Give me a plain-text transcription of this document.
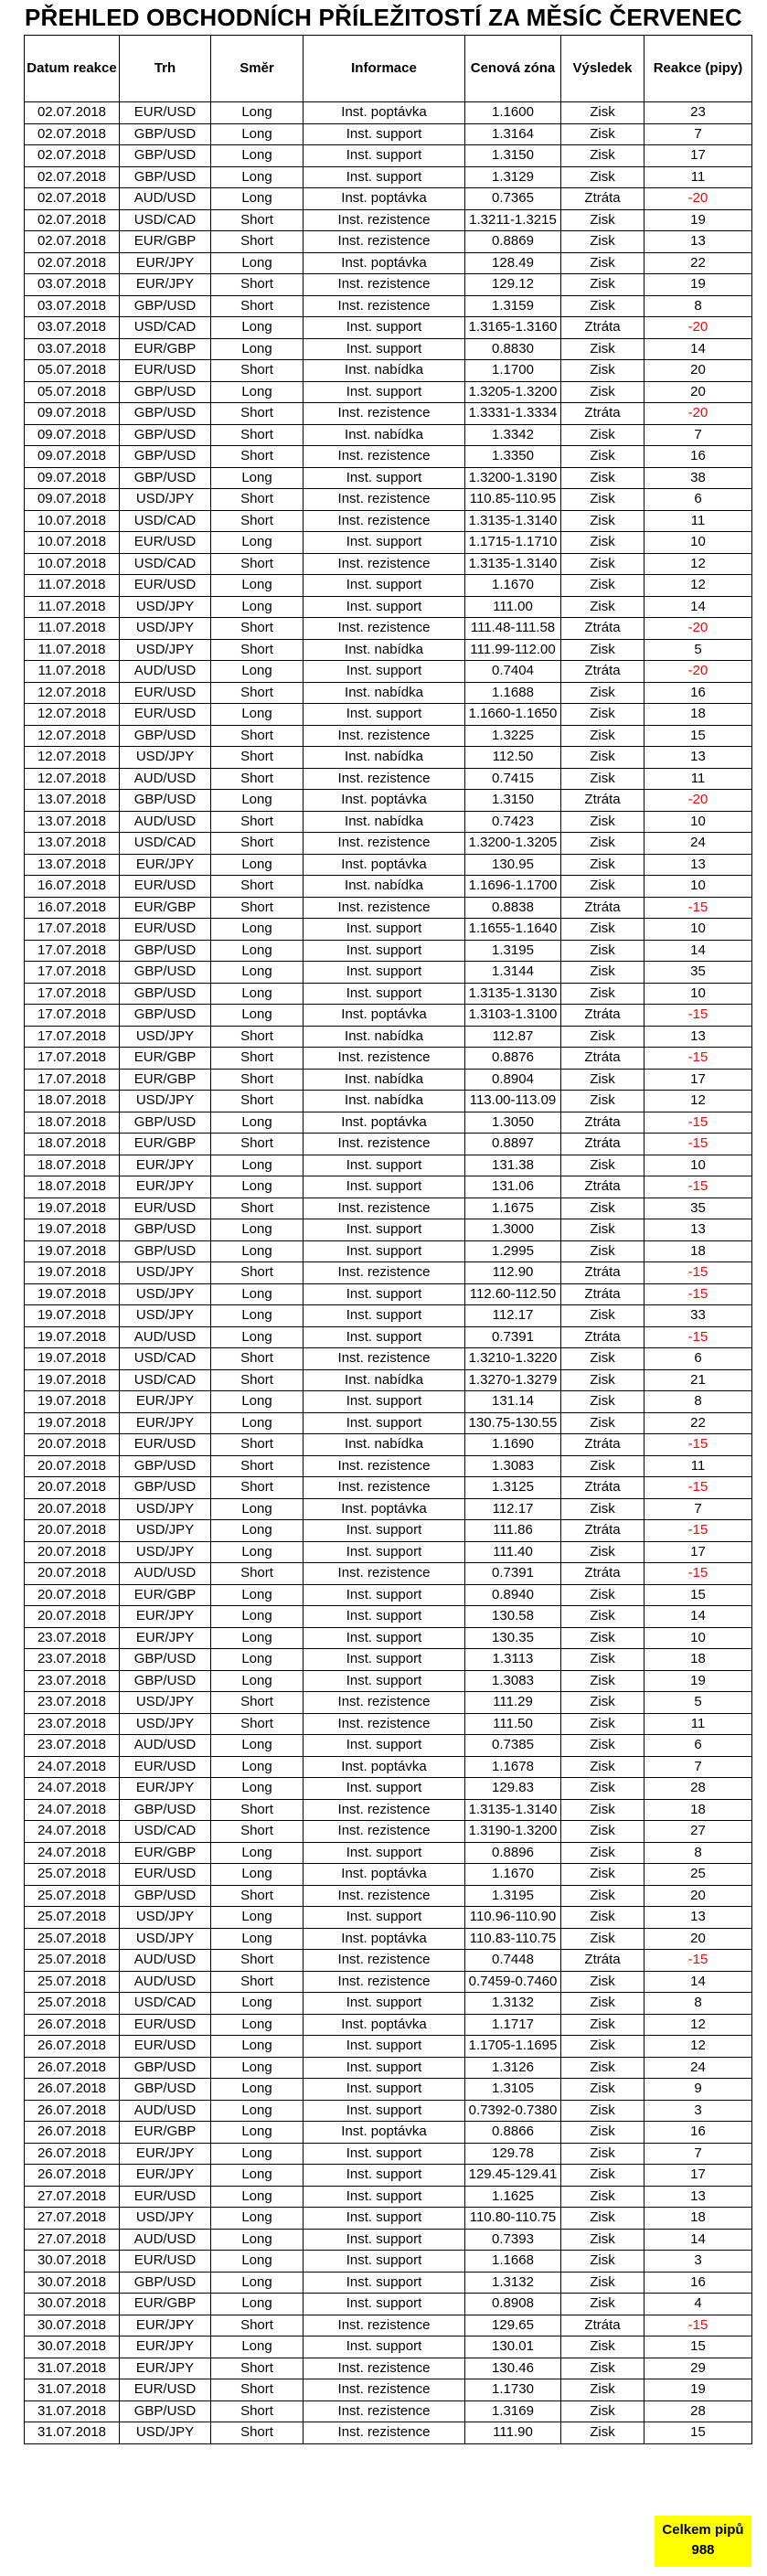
PŘEHLED OBCHODNÍCH PŘÍLEŽITOSTÍ ZA MĚSÍC ČERVENEC
Datum reakce	Trh	Směr	Informace	Cenová zóna	Výsledek	Reakce (pipy)
02.07.2018	EUR/USD	Long	Inst. poptávka	1.1600	Zisk	23
02.07.2018	GBP/USD	Long	Inst. support	1.3164	Zisk	7
02.07.2018	GBP/USD	Long	Inst. support	1.3150	Zisk	17
02.07.2018	GBP/USD	Long	Inst. support	1.3129	Zisk	11
02.07.2018	AUD/USD	Long	Inst. poptávka	0.7365	Ztráta	-20
02.07.2018	USD/CAD	Short	Inst. rezistence	1.3211-1.3215	Zisk	19
02.07.2018	EUR/GBP	Short	Inst. rezistence	0.8869	Zisk	13
02.07.2018	EUR/JPY	Long	Inst. poptávka	128.49	Zisk	22
03.07.2018	EUR/JPY	Short	Inst. rezistence	129.12	Zisk	19
03.07.2018	GBP/USD	Short	Inst. rezistence	1.3159	Zisk	8
03.07.2018	USD/CAD	Long	Inst. support	1.3165-1.3160	Ztráta	-20
03.07.2018	EUR/GBP	Long	Inst. support	0.8830	Zisk	14
05.07.2018	EUR/USD	Short	Inst. nabídka	1.1700	Zisk	20
05.07.2018	GBP/USD	Long	Inst. support	1.3205-1.3200	Zisk	20
09.07.2018	GBP/USD	Short	Inst. rezistence	1.3331-1.3334	Ztráta	-20
09.07.2018	GBP/USD	Short	Inst. nabídka	1.3342	Zisk	7
09.07.2018	GBP/USD	Short	Inst. rezistence	1.3350	Zisk	16
09.07.2018	GBP/USD	Long	Inst. support	1.3200-1.3190	Zisk	38
09.07.2018	USD/JPY	Short	Inst. rezistence	110.85-110.95	Zisk	6
10.07.2018	USD/CAD	Short	Inst. rezistence	1.3135-1.3140	Zisk	11
10.07.2018	EUR/USD	Long	Inst. support	1.1715-1.1710	Zisk	10
10.07.2018	USD/CAD	Short	Inst. rezistence	1.3135-1.3140	Zisk	12
11.07.2018	EUR/USD	Long	Inst. support	1.1670	Zisk	12
11.07.2018	USD/JPY	Long	Inst. support	111.00	Zisk	14
11.07.2018	USD/JPY	Short	Inst. rezistence	111.48-111.58	Ztráta	-20
11.07.2018	USD/JPY	Short	Inst. nabídka	111.99-112.00	Zisk	5
11.07.2018	AUD/USD	Long	Inst. support	0.7404	Ztráta	-20
12.07.2018	EUR/USD	Short	Inst. nabídka	1.1688	Zisk	16
12.07.2018	EUR/USD	Long	Inst. support	1.1660-1.1650	Zisk	18
12.07.2018	GBP/USD	Short	Inst. rezistence	1.3225	Zisk	15
12.07.2018	USD/JPY	Short	Inst. nabídka	112.50	Zisk	13
12.07.2018	AUD/USD	Short	Inst. rezistence	0.7415	Zisk	11
13.07.2018	GBP/USD	Long	Inst. poptávka	1.3150	Ztráta	-20
13.07.2018	AUD/USD	Short	Inst. nabídka	0.7423	Zisk	10
13.07.2018	USD/CAD	Short	Inst. rezistence	1.3200-1.3205	Zisk	24
13.07.2018	EUR/JPY	Long	Inst. poptávka	130.95	Zisk	13
16.07.2018	EUR/USD	Short	Inst. nabídka	1.1696-1.1700	Zisk	10
16.07.2018	EUR/GBP	Short	Inst. rezistence	0.8838	Ztráta	-15
17.07.2018	EUR/USD	Long	Inst. support	1.1655-1.1640	Zisk	10
17.07.2018	GBP/USD	Long	Inst. support	1.3195	Zisk	14
17.07.2018	GBP/USD	Long	Inst. support	1.3144	Zisk	35
17.07.2018	GBP/USD	Long	Inst. support	1.3135-1.3130	Zisk	10
17.07.2018	GBP/USD	Long	Inst. poptávka	1.3103-1.3100	Ztráta	-15
17.07.2018	USD/JPY	Short	Inst. nabídka	112.87	Zisk	13
17.07.2018	EUR/GBP	Short	Inst. rezistence	0.8876	Ztráta	-15
17.07.2018	EUR/GBP	Short	Inst. nabídka	0.8904	Zisk	17
18.07.2018	USD/JPY	Short	Inst. nabídka	113.00-113.09	Zisk	12
18.07.2018	GBP/USD	Long	Inst. poptávka	1.3050	Ztráta	-15
18.07.2018	EUR/GBP	Short	Inst. rezistence	0.8897	Ztráta	-15
18.07.2018	EUR/JPY	Long	Inst. support	131.38	Zisk	10
18.07.2018	EUR/JPY	Long	Inst. support	131.06	Ztráta	-15
19.07.2018	EUR/USD	Short	Inst. rezistence	1.1675	Zisk	35
19.07.2018	GBP/USD	Long	Inst. support	1.3000	Zisk	13
19.07.2018	GBP/USD	Long	Inst. support	1.2995	Zisk	18
19.07.2018	USD/JPY	Short	Inst. rezistence	112.90	Ztráta	-15
19.07.2018	USD/JPY	Long	Inst. support	112.60-112.50	Ztráta	-15
19.07.2018	USD/JPY	Long	Inst. support	112.17	Zisk	33
19.07.2018	AUD/USD	Long	Inst. support	0.7391	Ztráta	-15
19.07.2018	USD/CAD	Short	Inst. rezistence	1.3210-1.3220	Zisk	6
19.07.2018	USD/CAD	Short	Inst. nabídka	1.3270-1.3279	Zisk	21
19.07.2018	EUR/JPY	Long	Inst. support	131.14	Zisk	8
19.07.2018	EUR/JPY	Long	Inst. support	130.75-130.55	Zisk	22
20.07.2018	EUR/USD	Short	Inst. nabídka	1.1690	Ztráta	-15
20.07.2018	GBP/USD	Short	Inst. rezistence	1.3083	Zisk	11
20.07.2018	GBP/USD	Short	Inst. rezistence	1.3125	Ztráta	-15
20.07.2018	USD/JPY	Long	Inst. poptávka	112.17	Zisk	7
20.07.2018	USD/JPY	Long	Inst. support	111.86	Ztráta	-15
20.07.2018	USD/JPY	Long	Inst. support	111.40	Zisk	17
20.07.2018	AUD/USD	Short	Inst. rezistence	0.7391	Ztráta	-15
20.07.2018	EUR/GBP	Long	Inst. support	0.8940	Zisk	15
20.07.2018	EUR/JPY	Long	Inst. support	130.58	Zisk	14
23.07.2018	EUR/JPY	Long	Inst. support	130.35	Zisk	10
23.07.2018	GBP/USD	Long	Inst. support	1.3113	Zisk	18
23.07.2018	GBP/USD	Long	Inst. support	1.3083	Zisk	19
23.07.2018	USD/JPY	Short	Inst. rezistence	111.29	Zisk	5
23.07.2018	USD/JPY	Short	Inst. rezistence	111.50	Zisk	11
23.07.2018	AUD/USD	Long	Inst. support	0.7385	Zisk	6
24.07.2018	EUR/USD	Long	Inst. poptávka	1.1678	Zisk	7
24.07.2018	EUR/JPY	Long	Inst. support	129.83	Zisk	28
24.07.2018	GBP/USD	Short	Inst. rezistence	1.3135-1.3140	Zisk	18
24.07.2018	USD/CAD	Short	Inst. rezistence	1.3190-1.3200	Zisk	27
24.07.2018	EUR/GBP	Long	Inst. support	0.8896	Zisk	8
25.07.2018	EUR/USD	Long	Inst. poptávka	1.1670	Zisk	25
25.07.2018	GBP/USD	Short	Inst. rezistence	1.3195	Zisk	20
25.07.2018	USD/JPY	Long	Inst. support	110.96-110.90	Zisk	13
25.07.2018	USD/JPY	Long	Inst. poptávka	110.83-110.75	Zisk	20
25.07.2018	AUD/USD	Short	Inst. rezistence	0.7448	Ztráta	-15
25.07.2018	AUD/USD	Short	Inst. rezistence	0.7459-0.7460	Zisk	14
25.07.2018	USD/CAD	Long	Inst. support	1.3132	Zisk	8
26.07.2018	EUR/USD	Long	Inst. poptávka	1.1717	Zisk	12
26.07.2018	EUR/USD	Long	Inst. support	1.1705-1.1695	Zisk	12
26.07.2018	GBP/USD	Long	Inst. support	1.3126	Zisk	24
26.07.2018	GBP/USD	Long	Inst. support	1.3105	Zisk	9
26.07.2018	AUD/USD	Long	Inst. support	0.7392-0.7380	Zisk	3
26.07.2018	EUR/GBP	Long	Inst. poptávka	0.8866	Zisk	16
26.07.2018	EUR/JPY	Long	Inst. support	129.78	Zisk	7
26.07.2018	EUR/JPY	Long	Inst. support	129.45-129.41	Zisk	17
27.07.2018	EUR/USD	Long	Inst. support	1.1625	Zisk	13
27.07.2018	USD/JPY	Long	Inst. support	110.80-110.75	Zisk	18
27.07.2018	AUD/USD	Long	Inst. support	0.7393	Zisk	14
30.07.2018	EUR/USD	Long	Inst. support	1.1668	Zisk	3
30.07.2018	GBP/USD	Long	Inst. support	1.3132	Zisk	16
30.07.2018	EUR/GBP	Long	Inst. support	0.8908	Zisk	4
30.07.2018	EUR/JPY	Short	Inst. rezistence	129.65	Ztráta	-15
30.07.2018	EUR/JPY	Long	Inst. support	130.01	Zisk	15
31.07.2018	EUR/JPY	Short	Inst. rezistence	130.46	Zisk	29
31.07.2018	EUR/USD	Short	Inst. rezistence	1.1730	Zisk	19
31.07.2018	GBP/USD	Short	Inst. rezistence	1.3169	Zisk	28
31.07.2018	USD/JPY	Short	Inst. rezistence	111.90	Zisk	15
Celkem pipů
988
